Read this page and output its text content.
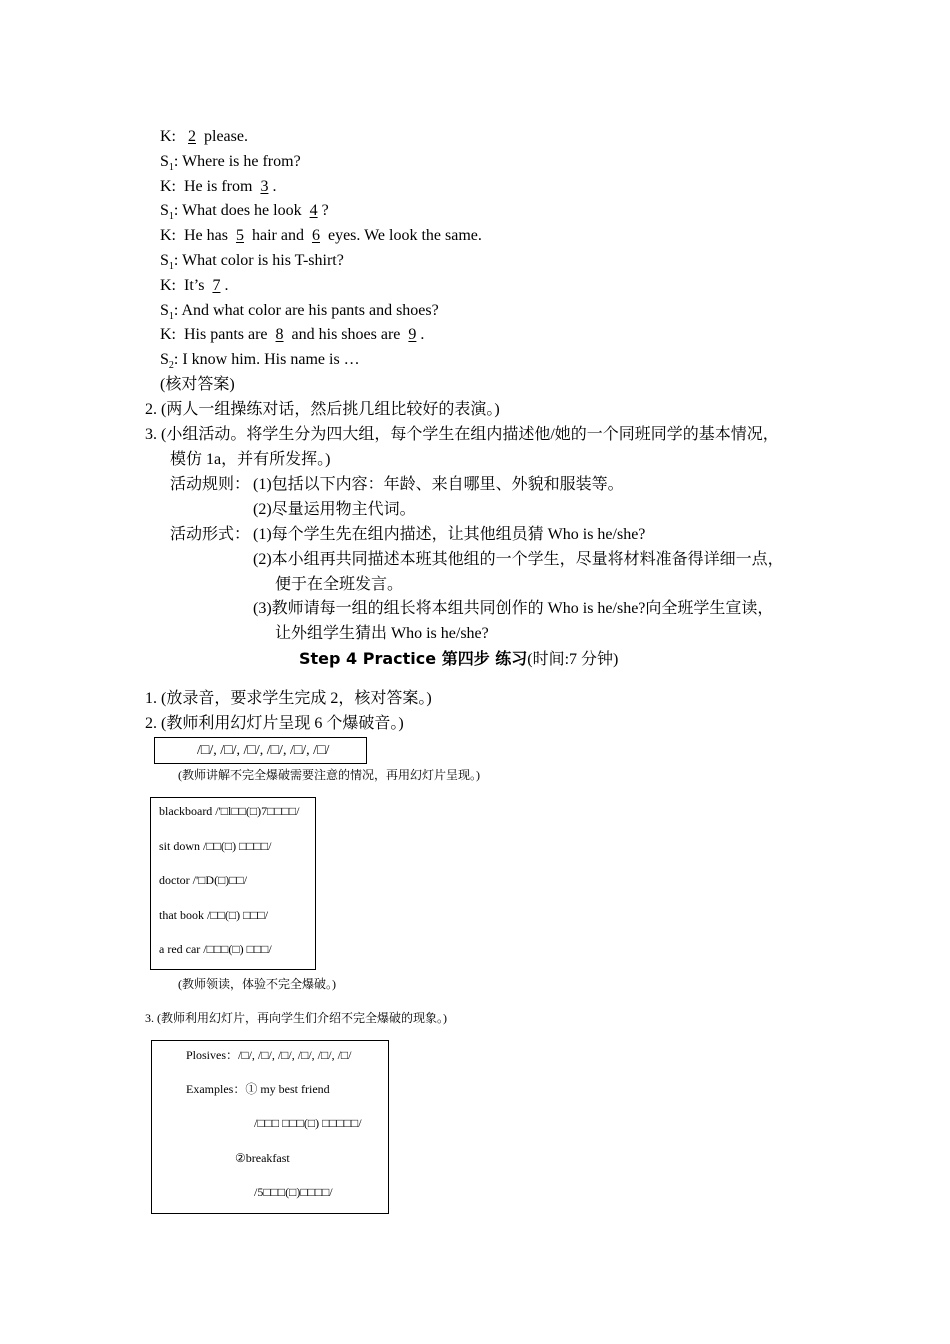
K: 2 please.
$S_1$: Where is he from?
K:  He is from 3 .
$S_1$: What does he look 4 ?
K:  He has 5 hair and 6 eyes. We look the same.
$S_1$: What color is his T-shirt?
K:  It’s 7 .
$S_1$: And what color are his pants and shoes?
K:  His pants are 8 and his shoes are 9 .
$S_2$: I know him. His name is …
(核对答案)
2. (两人一组操练对话，然后挑几组比较好的表演。)
3. (小组活动。将学生分为四大组，每个学生在组内描述他/她的一个同班同学的基本情况，
模仿 1a，并有所发挥。)
活动规则： (1)包括以下内容：年龄、来自哪里、外貌和服装等。
(2)尽量运用物主代词。
活动形式： (1)每个学生先在组内描述，让其他组员猜 Who is he/she?
(2)本小组再共同描述本班其他组的一个学生，尽量将材料准备得详细一点，
便于在全班发言。
(3)教师请每一组的组长将本组共同创作的 Who is he/she?向全班学生宣读，
让外组学生猜出 Who is he/she?
Step 4 Practice 第四步 练习(时间:7 分钟)
1. (放录音，要求学生完成 2，核对答案。)
2. (教师利用幻灯片呈现 6 个爆破音。)
/□/, /□/, /□/, /□/, /□/, /□/
(教师讲解不完全爆破需要注意的情况，再用幻灯片呈现。)
blackboard /'□l□□(□)7□□□□/
sit down /□□(□) □□□□/
doctor /'□D(□)□□/
that book /□□(□) □□□/
a red car /□□□(□) □□□/
(教师领读，体验不完全爆破。)
3. (教师利用幻灯片，再向学生们介绍不完全爆破的现象。)
Plosives：/□/, /□/, /□/, /□/, /□/, /□/
Examples：① my best friend
/□□□ □□□(□) □□□□□/
②breakfast
/5□□□(□)□□□□/
